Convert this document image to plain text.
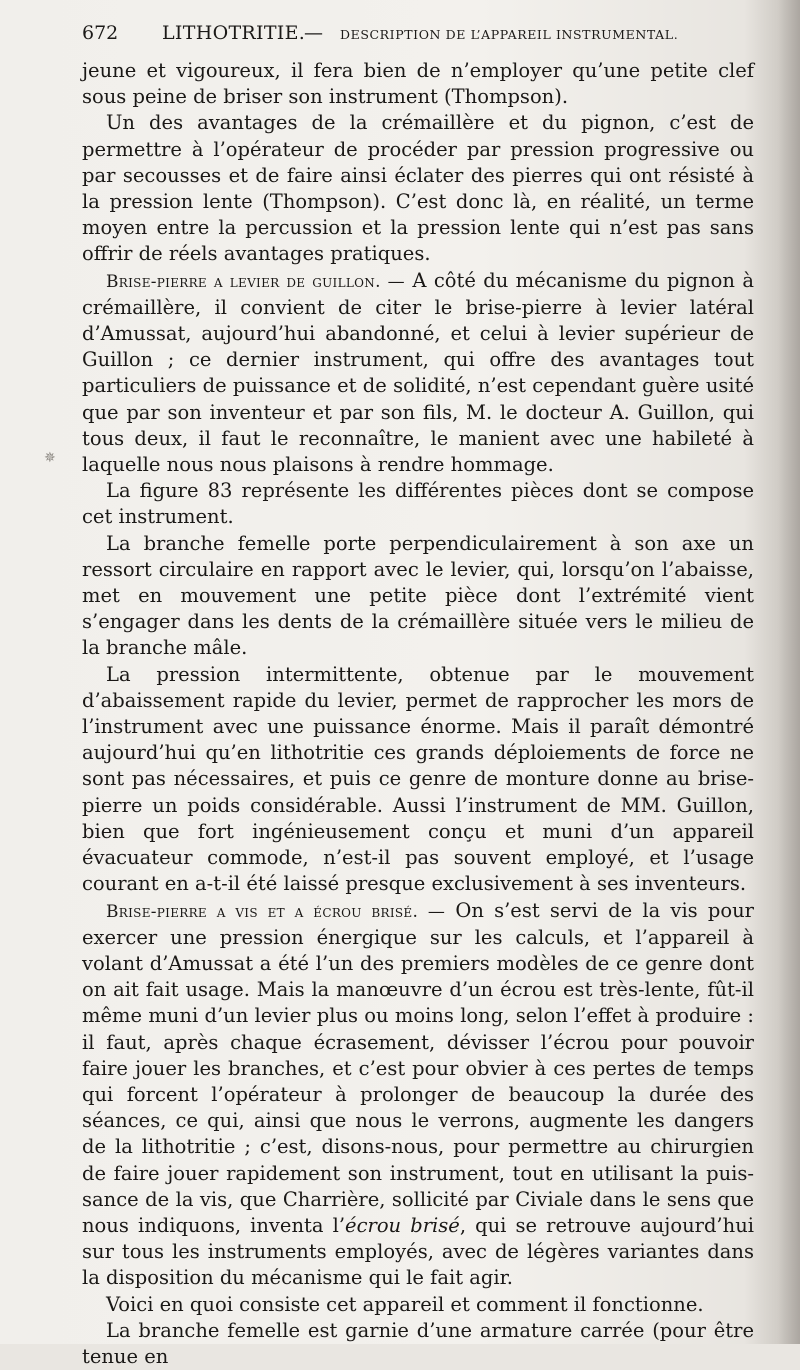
672 LITHOTRITIE.
— DESCRIPTION DE L’APPAREIL INSTRUMENTAL.
✵

jeune et vigoureux, il fera bien de n’employer qu’une petite clef sous peine de briser son instrument (Thompson).

Un des avantages de la crémaillère et du pignon, c’est de permettre à l’opérateur de procéder par pression progressive ou par secousses et de faire ainsi éclater des pierres qui ont résisté à la pression lente (Thompson). C’est donc là, en réalité, un terme moyen entre la percussion et la pression lente qui n’est pas sans offrir de réels avantages pratiques.

Brise-pierre a levier de guillon. — A côté du mécanisme du pignon à crémaillère, il convient de citer le brise-pierre à levier latéral d’Amussat, aujourd’hui abandonné, et celui à levier supérieur de Guillon ; ce dernier instrument, qui offre des avantages tout particuliers de puissance et de solidité, n’est cependant guère usité que par son inventeur et par son fils, M. le docteur A. Guillon, qui tous deux, il faut le reconnaître, le manient avec une habileté à laquelle nous nous plaisons à rendre hommage.

La figure 83 représente les différentes pièces dont se compose cet instrument.

La branche femelle porte perpendiculairement à son axe un ressort circulaire en rapport avec le levier, qui, lorsqu’on l’abaisse, met en mouvement une petite pièce dont l’extrémité vient s’engager dans les dents de la crémaillère située vers le milieu de la branche mâle.

La pression intermittente, obtenue par le mouvement d’abaissement rapide du levier, permet de rapprocher les mors de l’instrument avec une puissance énorme. Mais il paraît démontré aujourd’hui qu’en lithotritie ces grands déploiements de force ne sont pas nécessaires, et puis ce genre de monture donne au brise-pierre un poids considérable. Aussi l’instrument de MM. Guillon, bien que fort ingénieusement conçu et muni d’un appareil évacuateur commode, n’est-il pas souvent employé, et l’usage courant en a-t-il été laissé presque exclusivement à ses inventeurs.

Brise-pierre a vis et a écrou brisé. — On s’est servi de la vis pour exercer une pression énergique sur les calculs, et l’appareil à volant d’Amussat a été l’un des premiers modèles de ce genre dont on ait fait usage. Mais la manœuvre d’un écrou est très-lente, fût-il même muni d’un levier plus ou moins long, selon l’effet à produire : il faut, après chaque écrasement, dévisser l’écrou pour pouvoir faire jouer les branches, et c’est pour obvier à ces pertes de temps qui forcent l’opérateur à prolonger de beaucoup la durée des séances, ce qui, ainsi que nous le verrons, augmente les dangers de la lithotritie ; c’est, disons-nous, pour permettre au chirurgien de faire jouer rapidement son instrument, tout en utilisant la puissance de la vis, que Charrière, sollicité par Civiale dans le sens que nous indiquons, inventa l’écrou brisé, qui se retrouve aujourd’hui sur tous les instruments employés, avec de légères variantes dans la disposition du mécanisme qui le fait agir.

Voici en quoi consiste cet appareil et comment il fonctionne.

La branche femelle est garnie d’une armature carrée (pour être tenue en
